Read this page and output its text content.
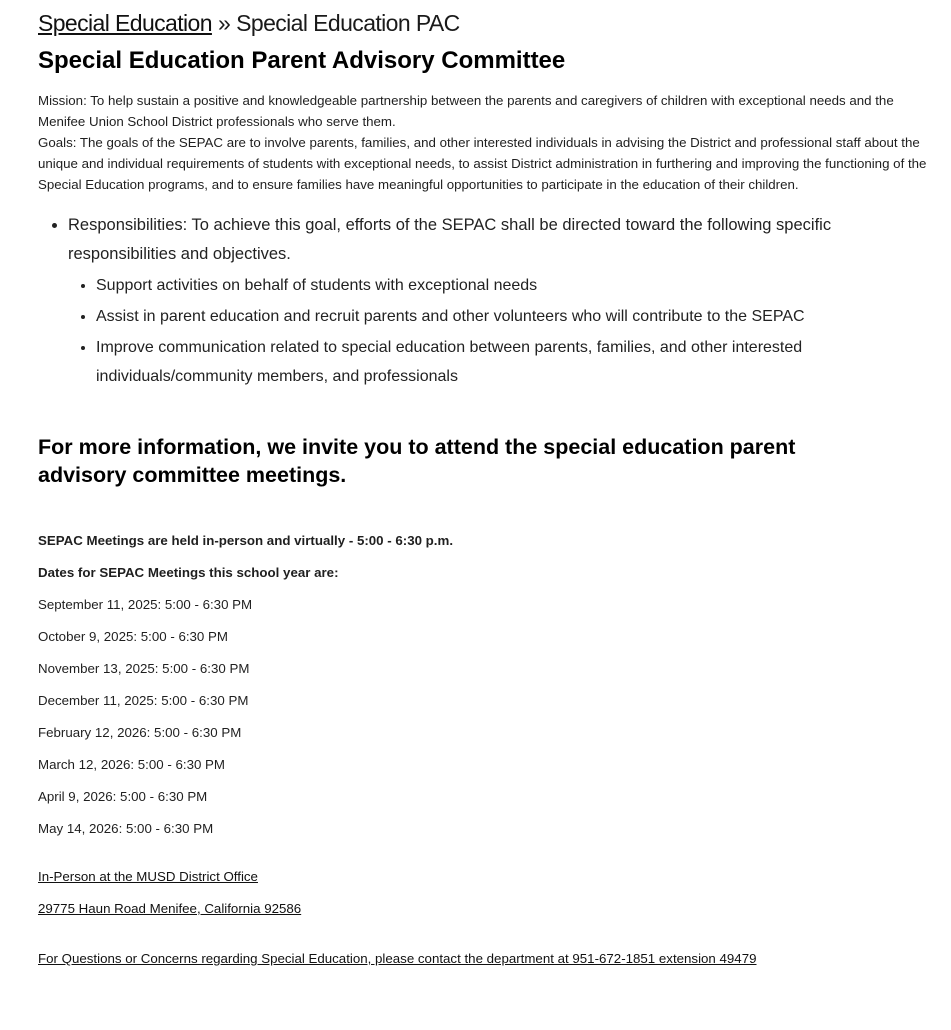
Special Education » Special Education PAC
Special Education Parent Advisory Committee

Mission: To help sustain a positive and knowledgeable partnership between the parents and caregivers of children with exceptional needs and the Menifee Union School District professionals who serve them.

Goals: The goals of the SEPAC are to involve parents, families, and other interested individuals in advising the District and professional staff about the unique and individual requirements of students with exceptional needs, to assist District administration in furthering and improving the functioning of the Special Education programs, and to ensure families have meaningful opportunities to participate in the education of their children.

• Responsibilities: To achieve this goal, efforts of the SEPAC shall be directed toward the following specific responsibilities and objectives.
• Support activities on behalf of students with exceptional needs
• Assist in parent education and recruit parents and other volunteers who will contribute to the SEPAC
• Improve communication related to special education between parents, families, and other interested individuals/community members, and professionals
For more information, we invite you to attend the special education parent advisory committee meetings.

SEPAC Meetings are held in-person and virtually - 5:00 - 6:30 p.m.

Dates for SEPAC Meetings this school year are:

September 11, 2025: 5:00 - 6:30 PM

October 9, 2025: 5:00 - 6:30 PM

November 13, 2025: 5:00 - 6:30 PM

December 11, 2025: 5:00 - 6:30 PM

February 12, 2026: 5:00 - 6:30 PM

March 12, 2026: 5:00 - 6:30 PM

April 9, 2026: 5:00 - 6:30 PM

May 14, 2026: 5:00 - 6:30 PM

In-Person at the MUSD District Office

29775 Haun Road Menifee, California 92586

For Questions or Concerns regarding Special Education, please contact the department at 951-672-1851 extension 49479
